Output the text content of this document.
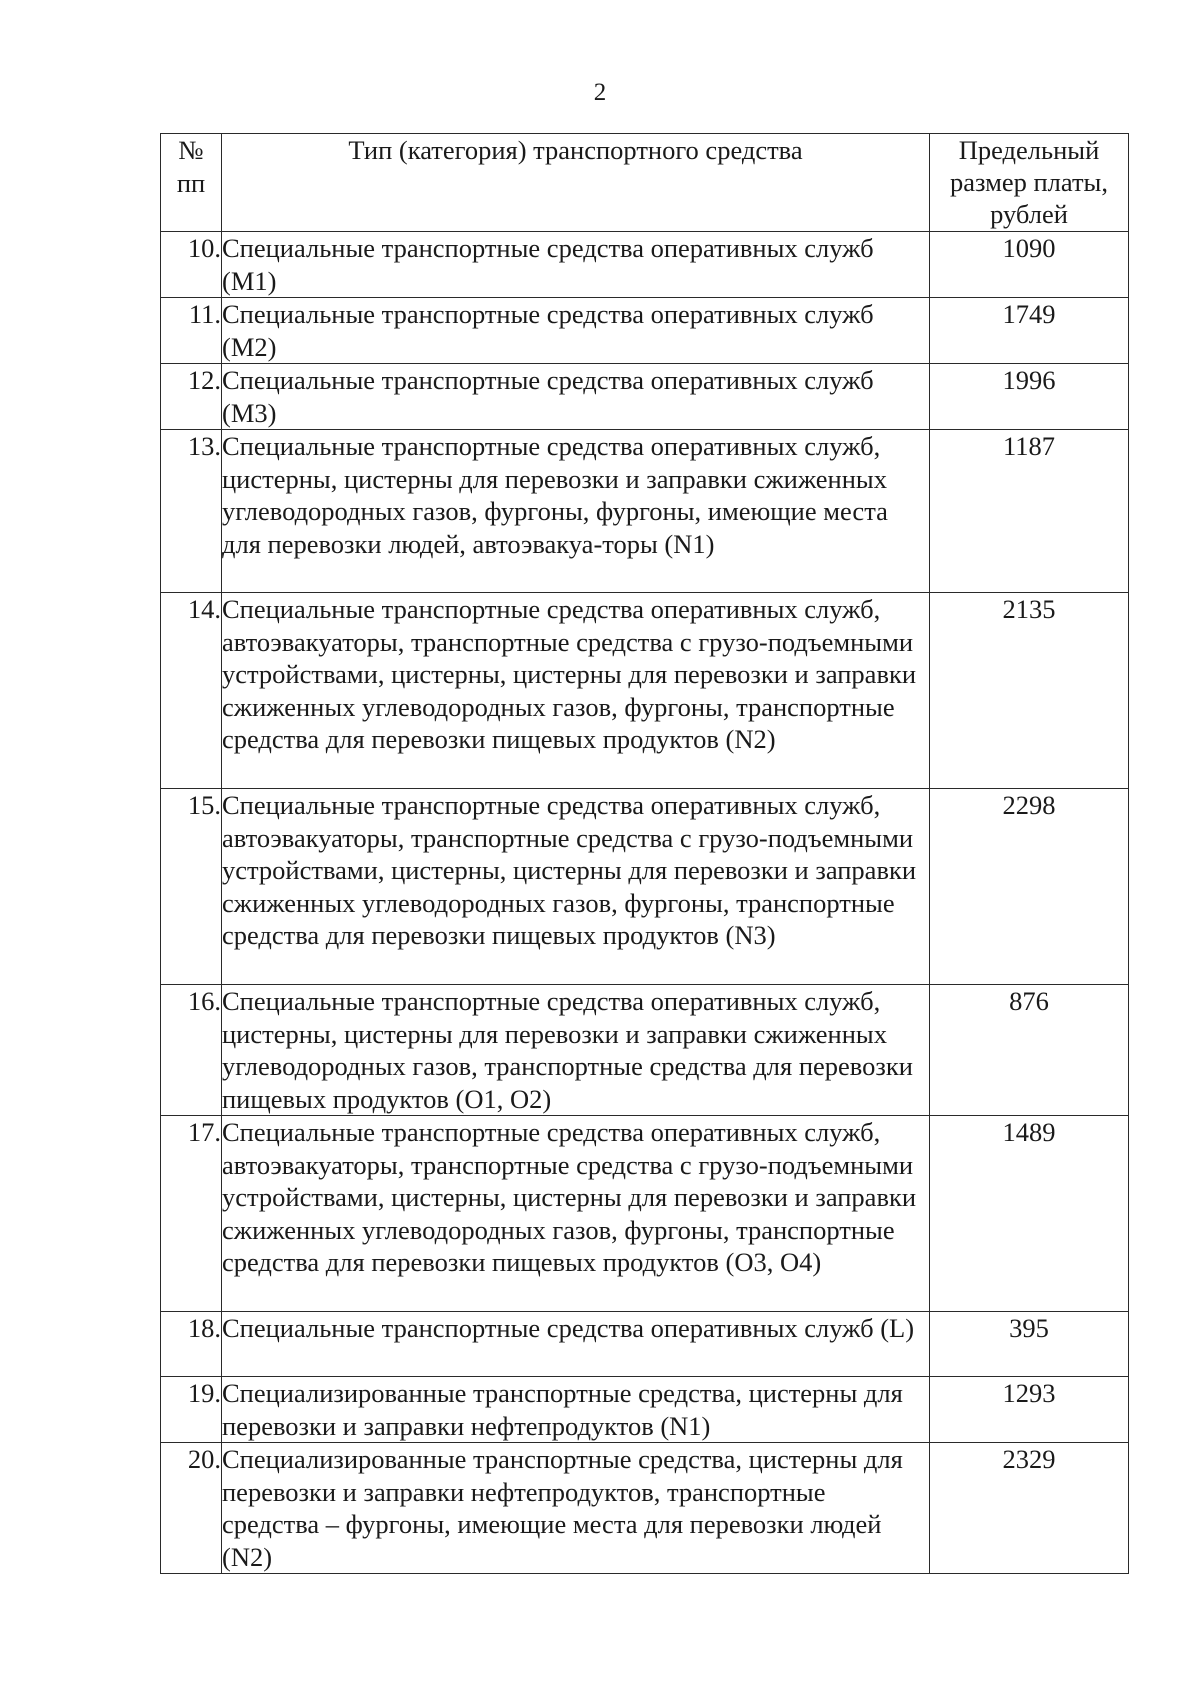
2
№ пп	Тип (категория) транспортного средства	Предельный размер платы, рублей
10.	Специальные транспортные средства оперативных служб (M1)	1090
11.	Специальные транспортные средства оперативных служб (M2)	1749
12.	Специальные транспортные средства оперативных служб (M3)	1996
13.	Специальные транспортные средства оперативных служб, цистерны, цистерны для перевозки и заправки сжиженных углеводородных газов, фургоны, фургоны, имеющие места для перевозки людей, автоэвакуа-торы (N1)	1187
14.	Специальные транспортные средства оперативных служб, автоэвакуаторы, транспортные средства с грузо-подъемными устройствами, цистерны, цистерны для перевозки и заправки сжиженных углеводородных газов, фургоны, транспортные средства для перевозки пищевых продуктов (N2)	2135
15.	Специальные транспортные средства оперативных служб, автоэвакуаторы, транспортные средства с грузо-подъемными устройствами, цистерны, цистерны для перевозки и заправки сжиженных углеводородных газов, фургоны, транспортные средства для перевозки пищевых продуктов (N3)	2298
16.	Специальные транспортные средства оперативных служб, цистерны, цистерны для перевозки и заправки сжиженных углеводородных газов, транспортные средства для перевозки пищевых продуктов (O1, O2)	876
17.	Специальные транспортные средства оперативных служб, автоэвакуаторы, транспортные средства с грузо-подъемными устройствами, цистерны, цистерны для перевозки и заправки сжиженных углеводородных газов, фургоны, транспортные средства для перевозки пищевых продуктов (O3, O4)	1489
18.	Специальные транспортные средства оперативных служб (L)	395
19.	Специализированные транспортные средства, цистерны для перевозки и заправки нефтепродуктов (N1)	1293
20.	Специализированные транспортные средства, цистерны для перевозки и заправки нефтепродуктов, транспортные средства – фургоны, имеющие места для перевозки людей (N2)	2329
